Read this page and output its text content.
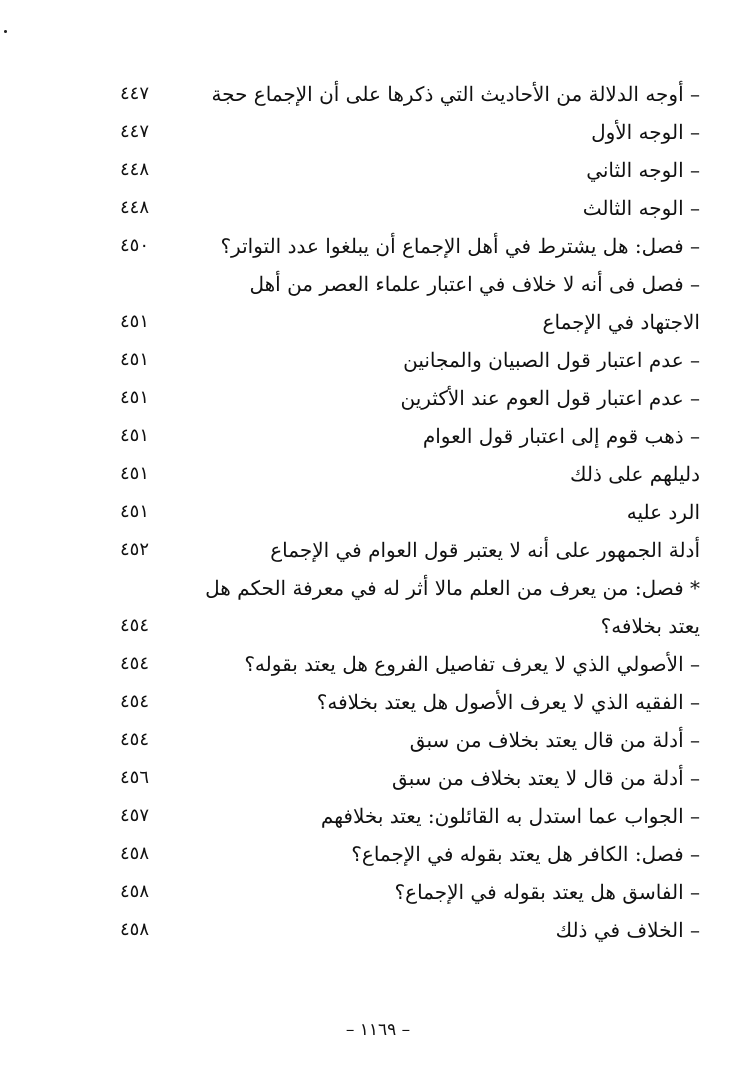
– أوجه الدلالة من الأحاديث التي ذكرها على أن الإجماع حجة
٤٤٧
– الوجه الأول
٤٤٧
– الوجه الثاني
٤٤٨
– الوجه الثالث
٤٤٨
– فصل: هل يشترط في أهل الإجماع أن يبلغوا عدد التواتر؟
٤٥٠
– فصل فى أنه لا خلاف في اعتبار علماء العصر من أهل الاجتهاد في الإجماع
٤٥١
– عدم اعتبار قول الصبيان والمجانين
٤٥١
– عدم اعتبار قول العوم عند الأكثرين
٤٥١
– ذهب قوم إلى اعتبار قول العوام
٤٥١
دليلهم على ذلك
٤٥١
الرد عليه
٤٥١
أدلة الجمهور على أنه لا يعتبر قول العوام في الإجماع
٤٥٢
* فصل: من يعرف من العلم مالا أثر له في معرفة الحكم هل يعتد بخلافه؟
٤٥٤
– الأصولي الذي لا يعرف تفاصيل الفروع هل يعتد بقوله؟
٤٥٤
– الفقيه الذي لا يعرف الأصول هل يعتد بخلافه؟
٤٥٤
– أدلة من قال يعتد بخلاف من سبق
٤٥٤
– أدلة من قال لا يعتد بخلاف من سبق
٤٥٦
– الجواب عما استدل به القائلون: يعتد بخلافهم
٤٥٧
– فصل: الكافر هل يعتد بقوله في الإجماع؟
٤٥٨
– الفاسق هل يعتد بقوله في الإجماع؟
٤٥٨
– الخلاف في ذلك
٤٥٨
– ١١٦٩ –
